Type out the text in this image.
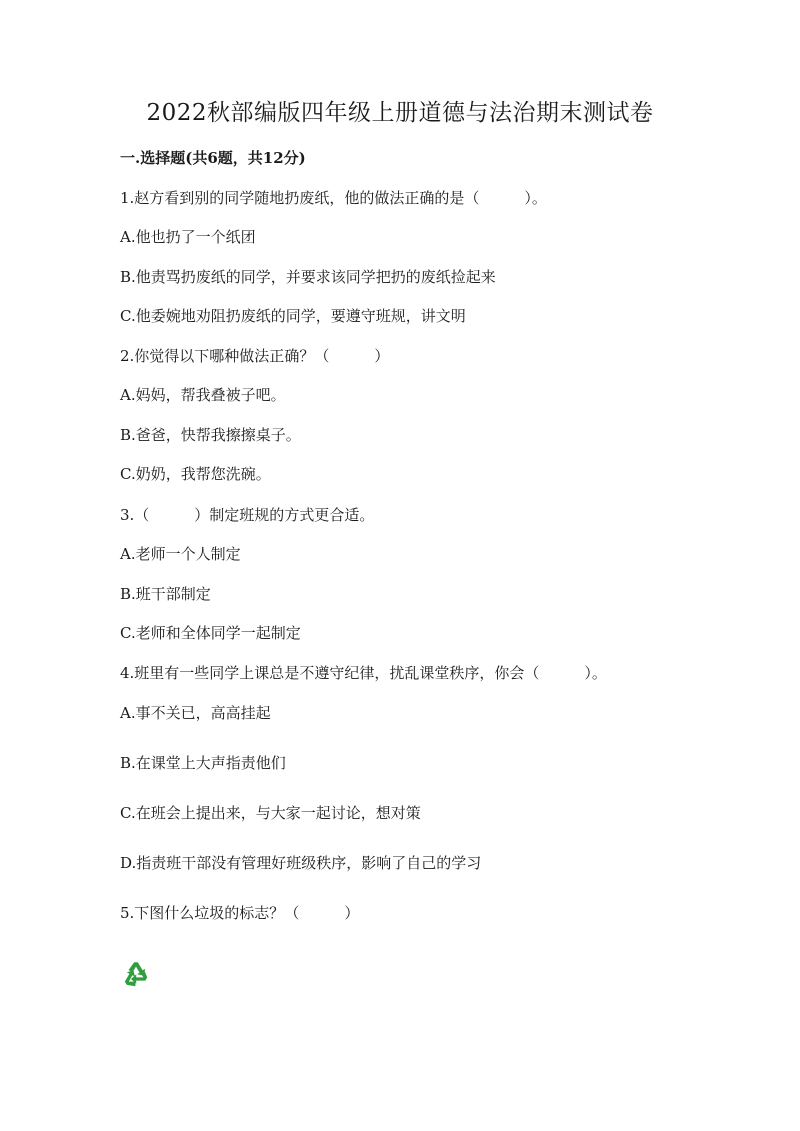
2022秋部编版四年级上册道德与法治期末测试卷
一.选择题(共6题，共12分)
1.赵方看到别的同学随地扔废纸，他的做法正确的是（　　　）。
A.他也扔了一个纸团
B.他责骂扔废纸的同学，并要求该同学把扔的废纸捡起来
C.他委婉地劝阻扔废纸的同学，要遵守班规，讲文明
2.你觉得以下哪种做法正确？（　　　）
A.妈妈，帮我叠被子吧。
B.爸爸，快帮我擦擦桌子。
C.奶奶，我帮您洗碗。
3.（　　　）制定班规的方式更合适。
A.老师一个人制定
B.班干部制定
C.老师和全体同学一起制定
4.班里有一些同学上课总是不遵守纪律，扰乱课堂秩序，你会（　　　）。
A.事不关已，高高挂起
B.在课堂上大声指责他们
C.在班会上提出来，与大家一起讨论，想对策
D.指责班干部没有管理好班级秩序，影响了自己的学习
5.下图什么垃圾的标志？（　　　）
